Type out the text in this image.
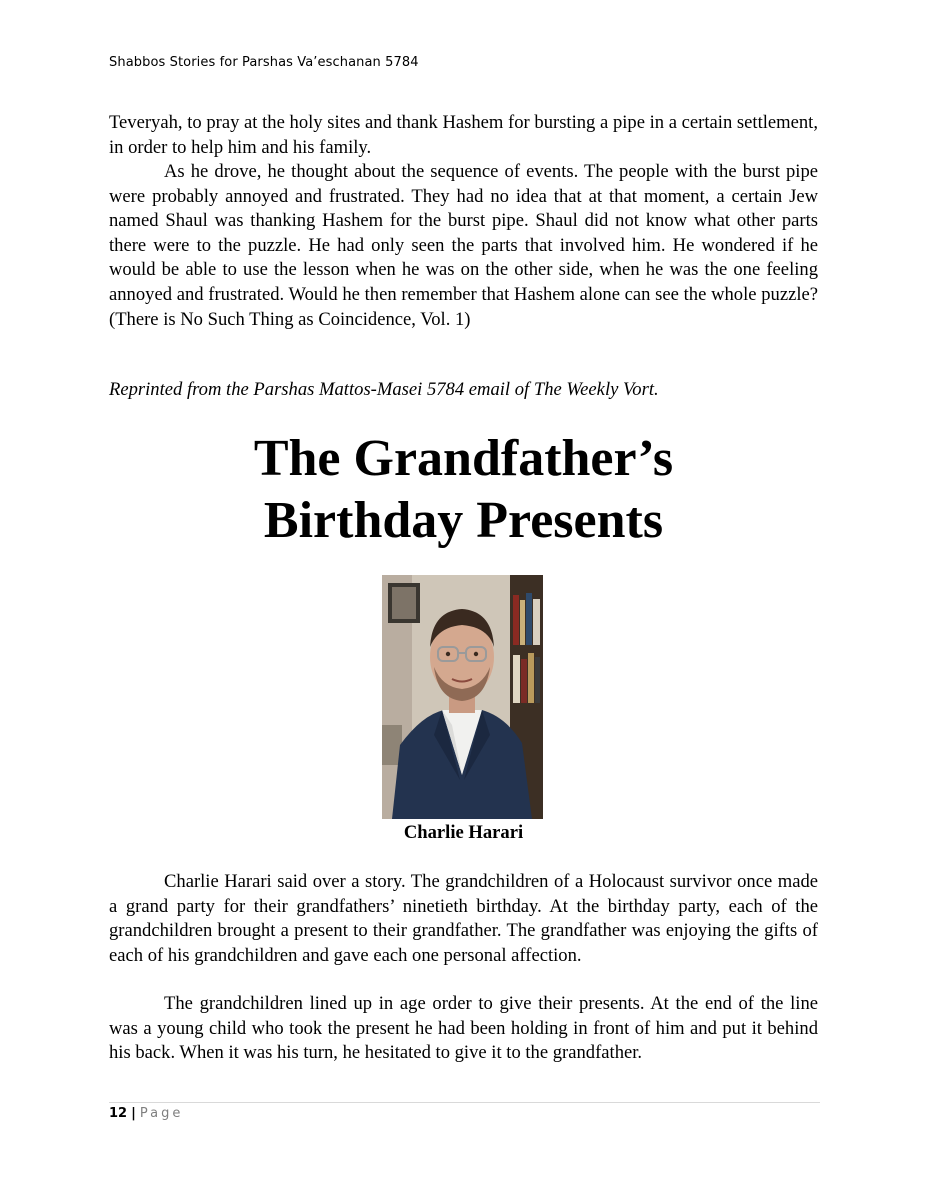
Shabbos Stories for Parshas Va’eschanan 5784

Teveryah, to pray at the holy sites and thank Hashem for bursting a pipe in a certain settlement, in order to help him and his family.

As he drove, he thought about the sequence of events. The people with the burst pipe were probably annoyed and frustrated. They had no idea that at that moment, a certain Jew named Shaul was thanking Hashem for the burst pipe. Shaul did not know what other parts there were to the puzzle. He had only seen the parts that involved him. He wondered if he would be able to use the lesson when he was on the other side, when he was the one feeling annoyed and frustrated. Would he then remember that Hashem alone can see the whole puzzle? (There is No Such Thing as Coincidence, Vol. 1)

Reprinted from the Parshas Mattos-Masei 5784 email of The Weekly Vort.

The Grandfather’s
Birthday Presents

Charlie Harari

Charlie Harari said over a story. The grandchildren of a Holocaust survivor once made a grand party for their grandfathers’ ninetieth birthday. At the birthday party, each of the grandchildren brought a present to their grandfather. The grandfather was enjoying the gifts of each of his grandchildren and gave each one personal affection.

The grandchildren lined up in age order to give their presents. At the end of the line was a young child who took the present he had been holding in front of him and put it behind his back. When it was his turn, he hesitated to give it to the grandfather.

12 | Page
